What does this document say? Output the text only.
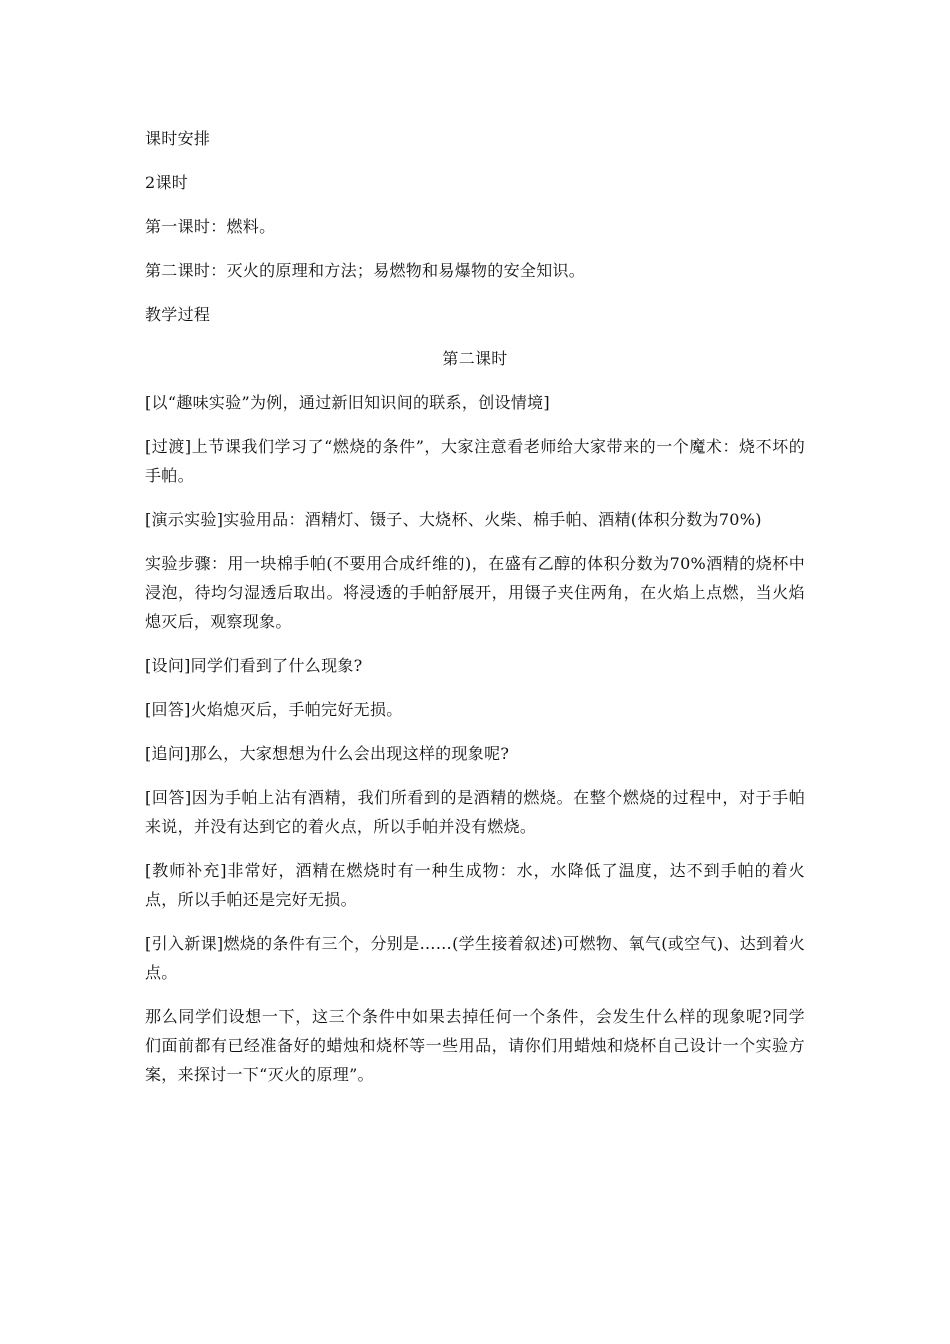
课时安排

2课时

第一课时：燃料。

第二课时：灭火的原理和方法；易燃物和易爆物的安全知识。

教学过程

第二课时

[以“趣味实验”为例，通过新旧知识间的联系，创设情境]

[过渡]上节课我们学习了“燃烧的条件”，大家注意看老师给大家带来的一个魔术：烧不坏的手帕。

[演示实验]实验用品：酒精灯、镊子、大烧杯、火柴、棉手帕、酒精(体积分数为70%)

实验步骤：用一块棉手帕(不要用合成纤维的)，在盛有乙醇的体积分数为70%酒精的烧杯中浸泡，待均匀湿透后取出。将浸透的手帕舒展开，用镊子夹住两角，在火焰上点燃，当火焰熄灭后，观察现象。

[设问]同学们看到了什么现象?

[回答]火焰熄灭后，手帕完好无损。

[追问]那么，大家想想为什么会出现这样的现象呢?

[回答]因为手帕上沾有酒精，我们所看到的是酒精的燃烧。在整个燃烧的过程中，对于手帕来说，并没有达到它的着火点，所以手帕并没有燃烧。

[教师补充]非常好，酒精在燃烧时有一种生成物：水，水降低了温度，达不到手帕的着火点，所以手帕还是完好无损。

[引入新课]燃烧的条件有三个，分别是……(学生接着叙述)可燃物、氧气(或空气)、达到着火点。

那么同学们设想一下，这三个条件中如果去掉任何一个条件，会发生什么样的现象呢?同学们面前都有已经准备好的蜡烛和烧杯等一些用品，请你们用蜡烛和烧杯自己设计一个实验方案，来探讨一下“灭火的原理”。
